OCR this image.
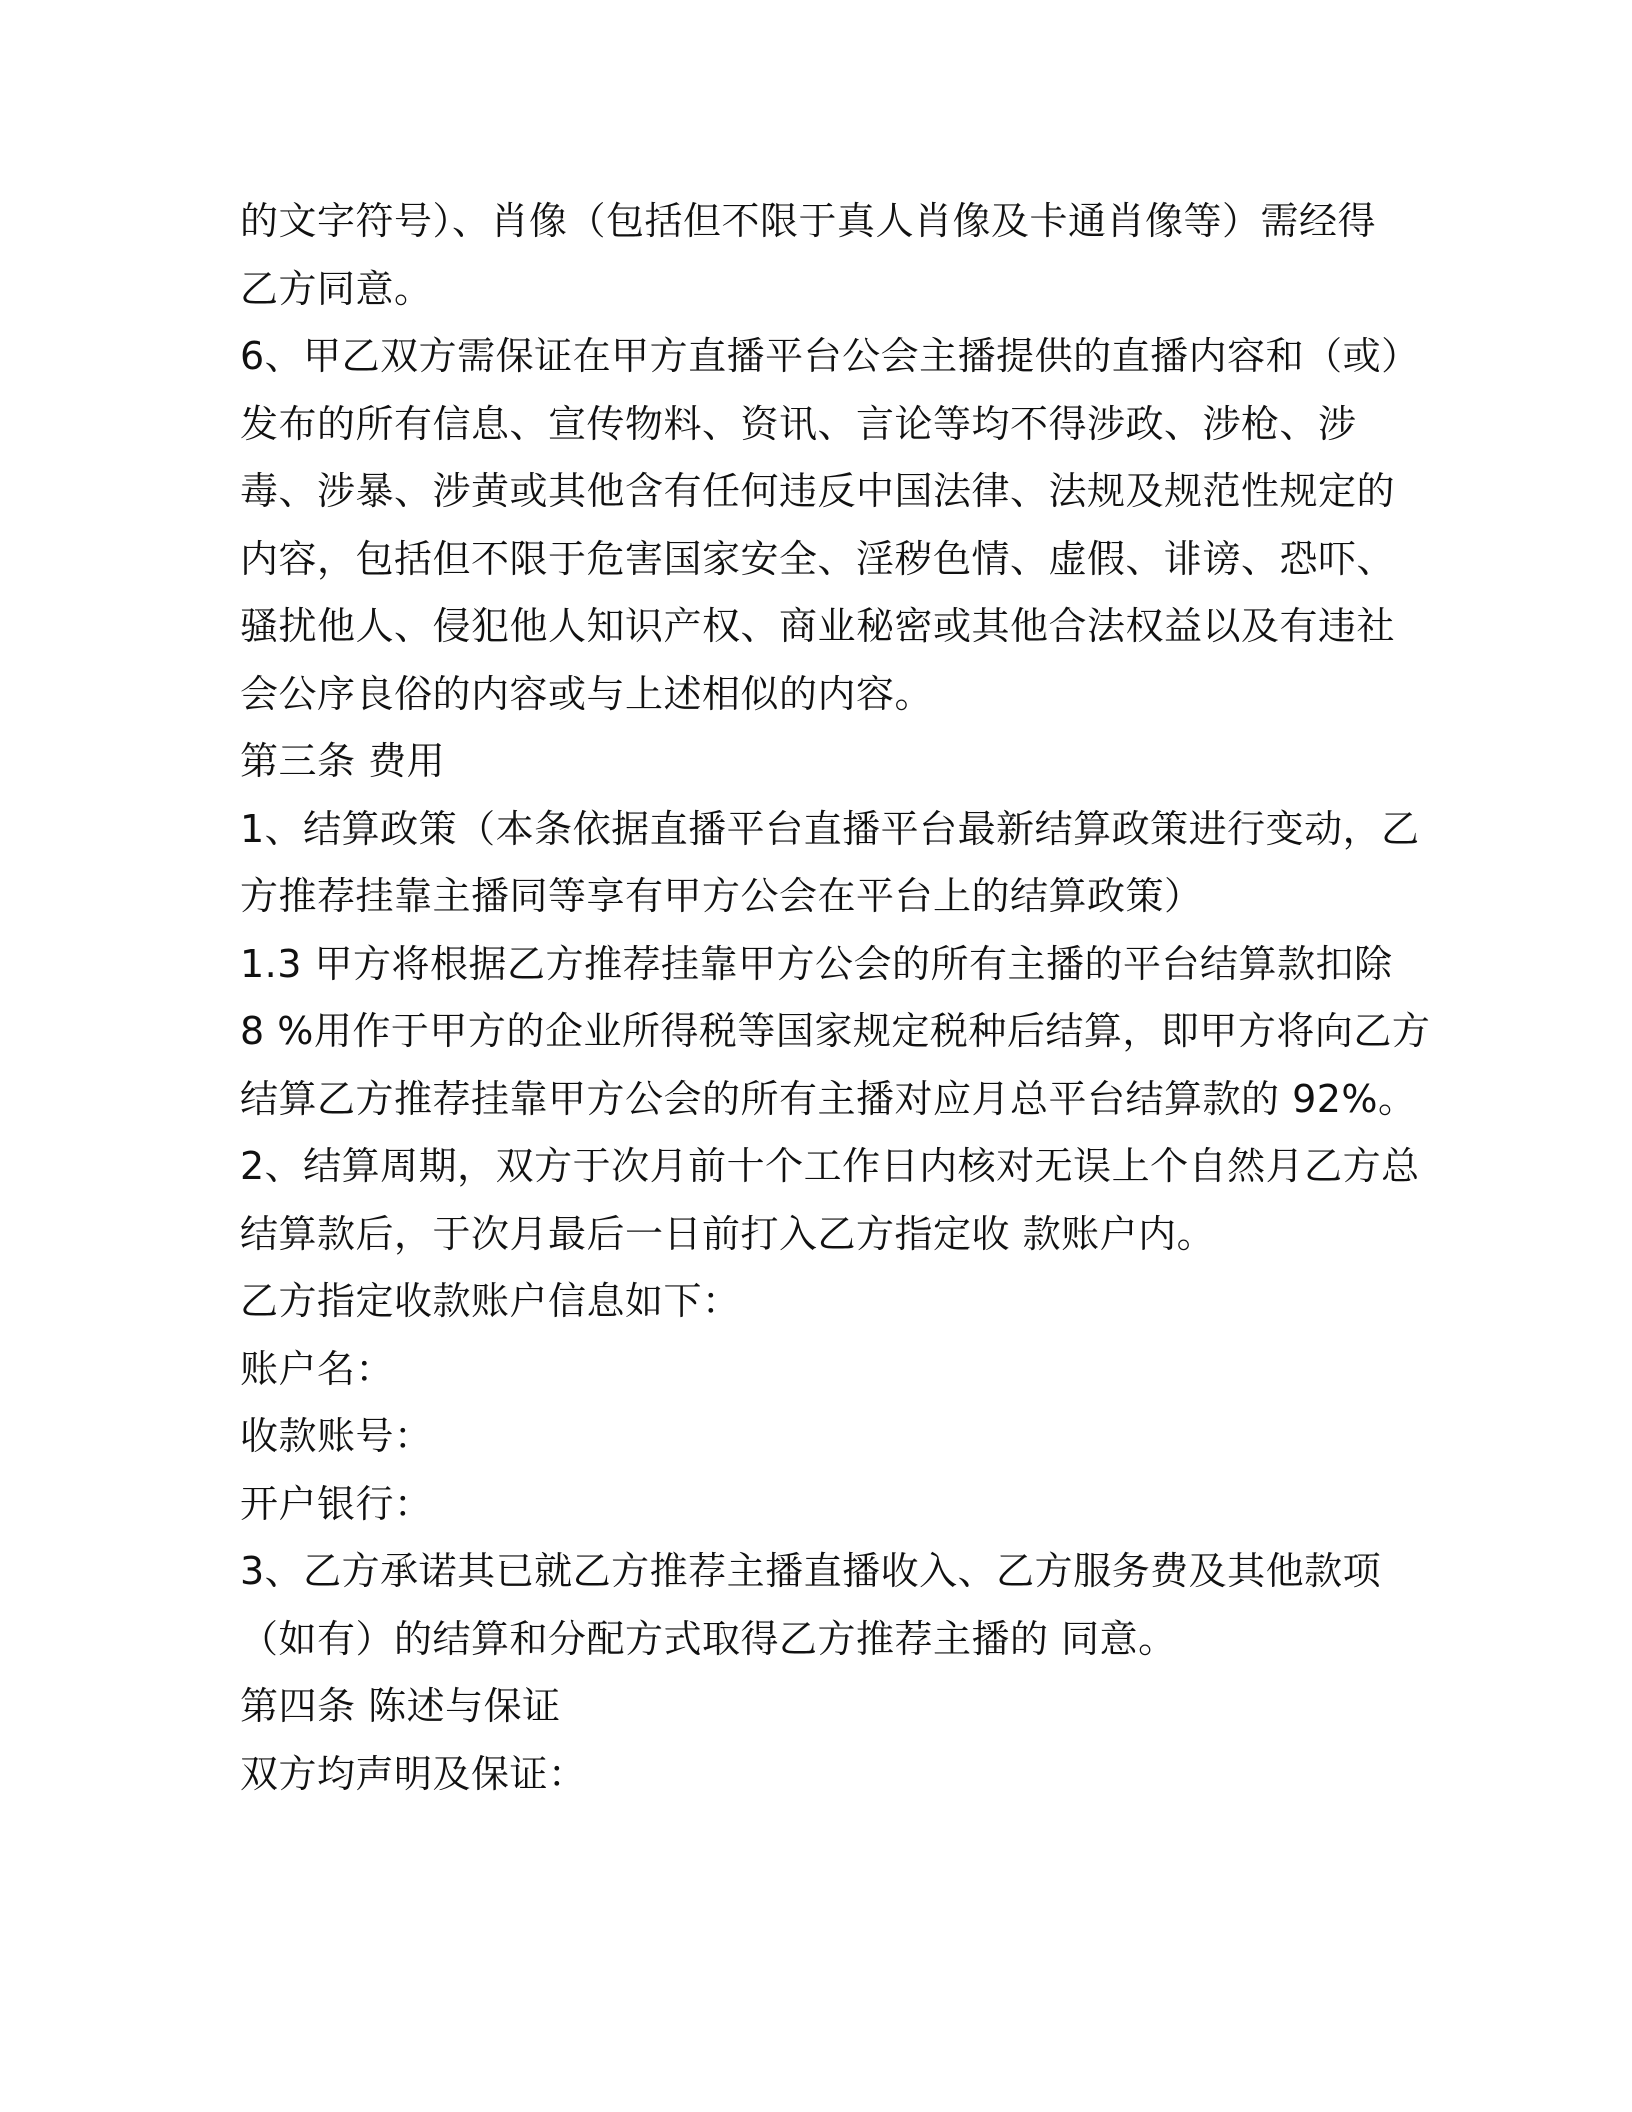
的文字符号）、肖像（包括但不限于真人肖像及卡通肖像等）需经得
乙方同意。
6、甲乙双方需保证在甲方直播平台公会主播提供的直播内容和（或）
发布的所有信息、宣传物料、资讯、言论等均不得涉政、涉枪、涉
毒、涉暴、涉黄或其他含有任何违反中国法律、法规及规范性规定的
内容，包括但不限于危害国家安全、淫秽色情、虚假、诽谤、恐吓、
骚扰他人、侵犯他人知识产权、商业秘密或其他合法权益以及有违社
会公序良俗的内容或与上述相似的内容。
第三条 费用
1、结算政策（本条依据直播平台直播平台最新结算政策进行变动，乙
方推荐挂靠主播同等享有甲方公会在平台上的结算政策）
1.3 甲方将根据乙方推荐挂靠甲方公会的所有主播的平台结算款扣除
8 %用作于甲方的企业所得税等国家规定税种后结算，即甲方将向乙方
结算乙方推荐挂靠甲方公会的所有主播对应月总平台结算款的 92%。
2、结算周期，双方于次月前十个工作日内核对无误上个自然月乙方总
结算款后，于次月最后一日前打入乙方指定收 款账户内。
乙方指定收款账户信息如下：
账户名：
收款账号：
开户银行：
3、乙方承诺其已就乙方推荐主播直播收入、乙方服务费及其他款项
（如有）的结算和分配方式取得乙方推荐主播的 同意。
第四条 陈述与保证
双方均声明及保证：
